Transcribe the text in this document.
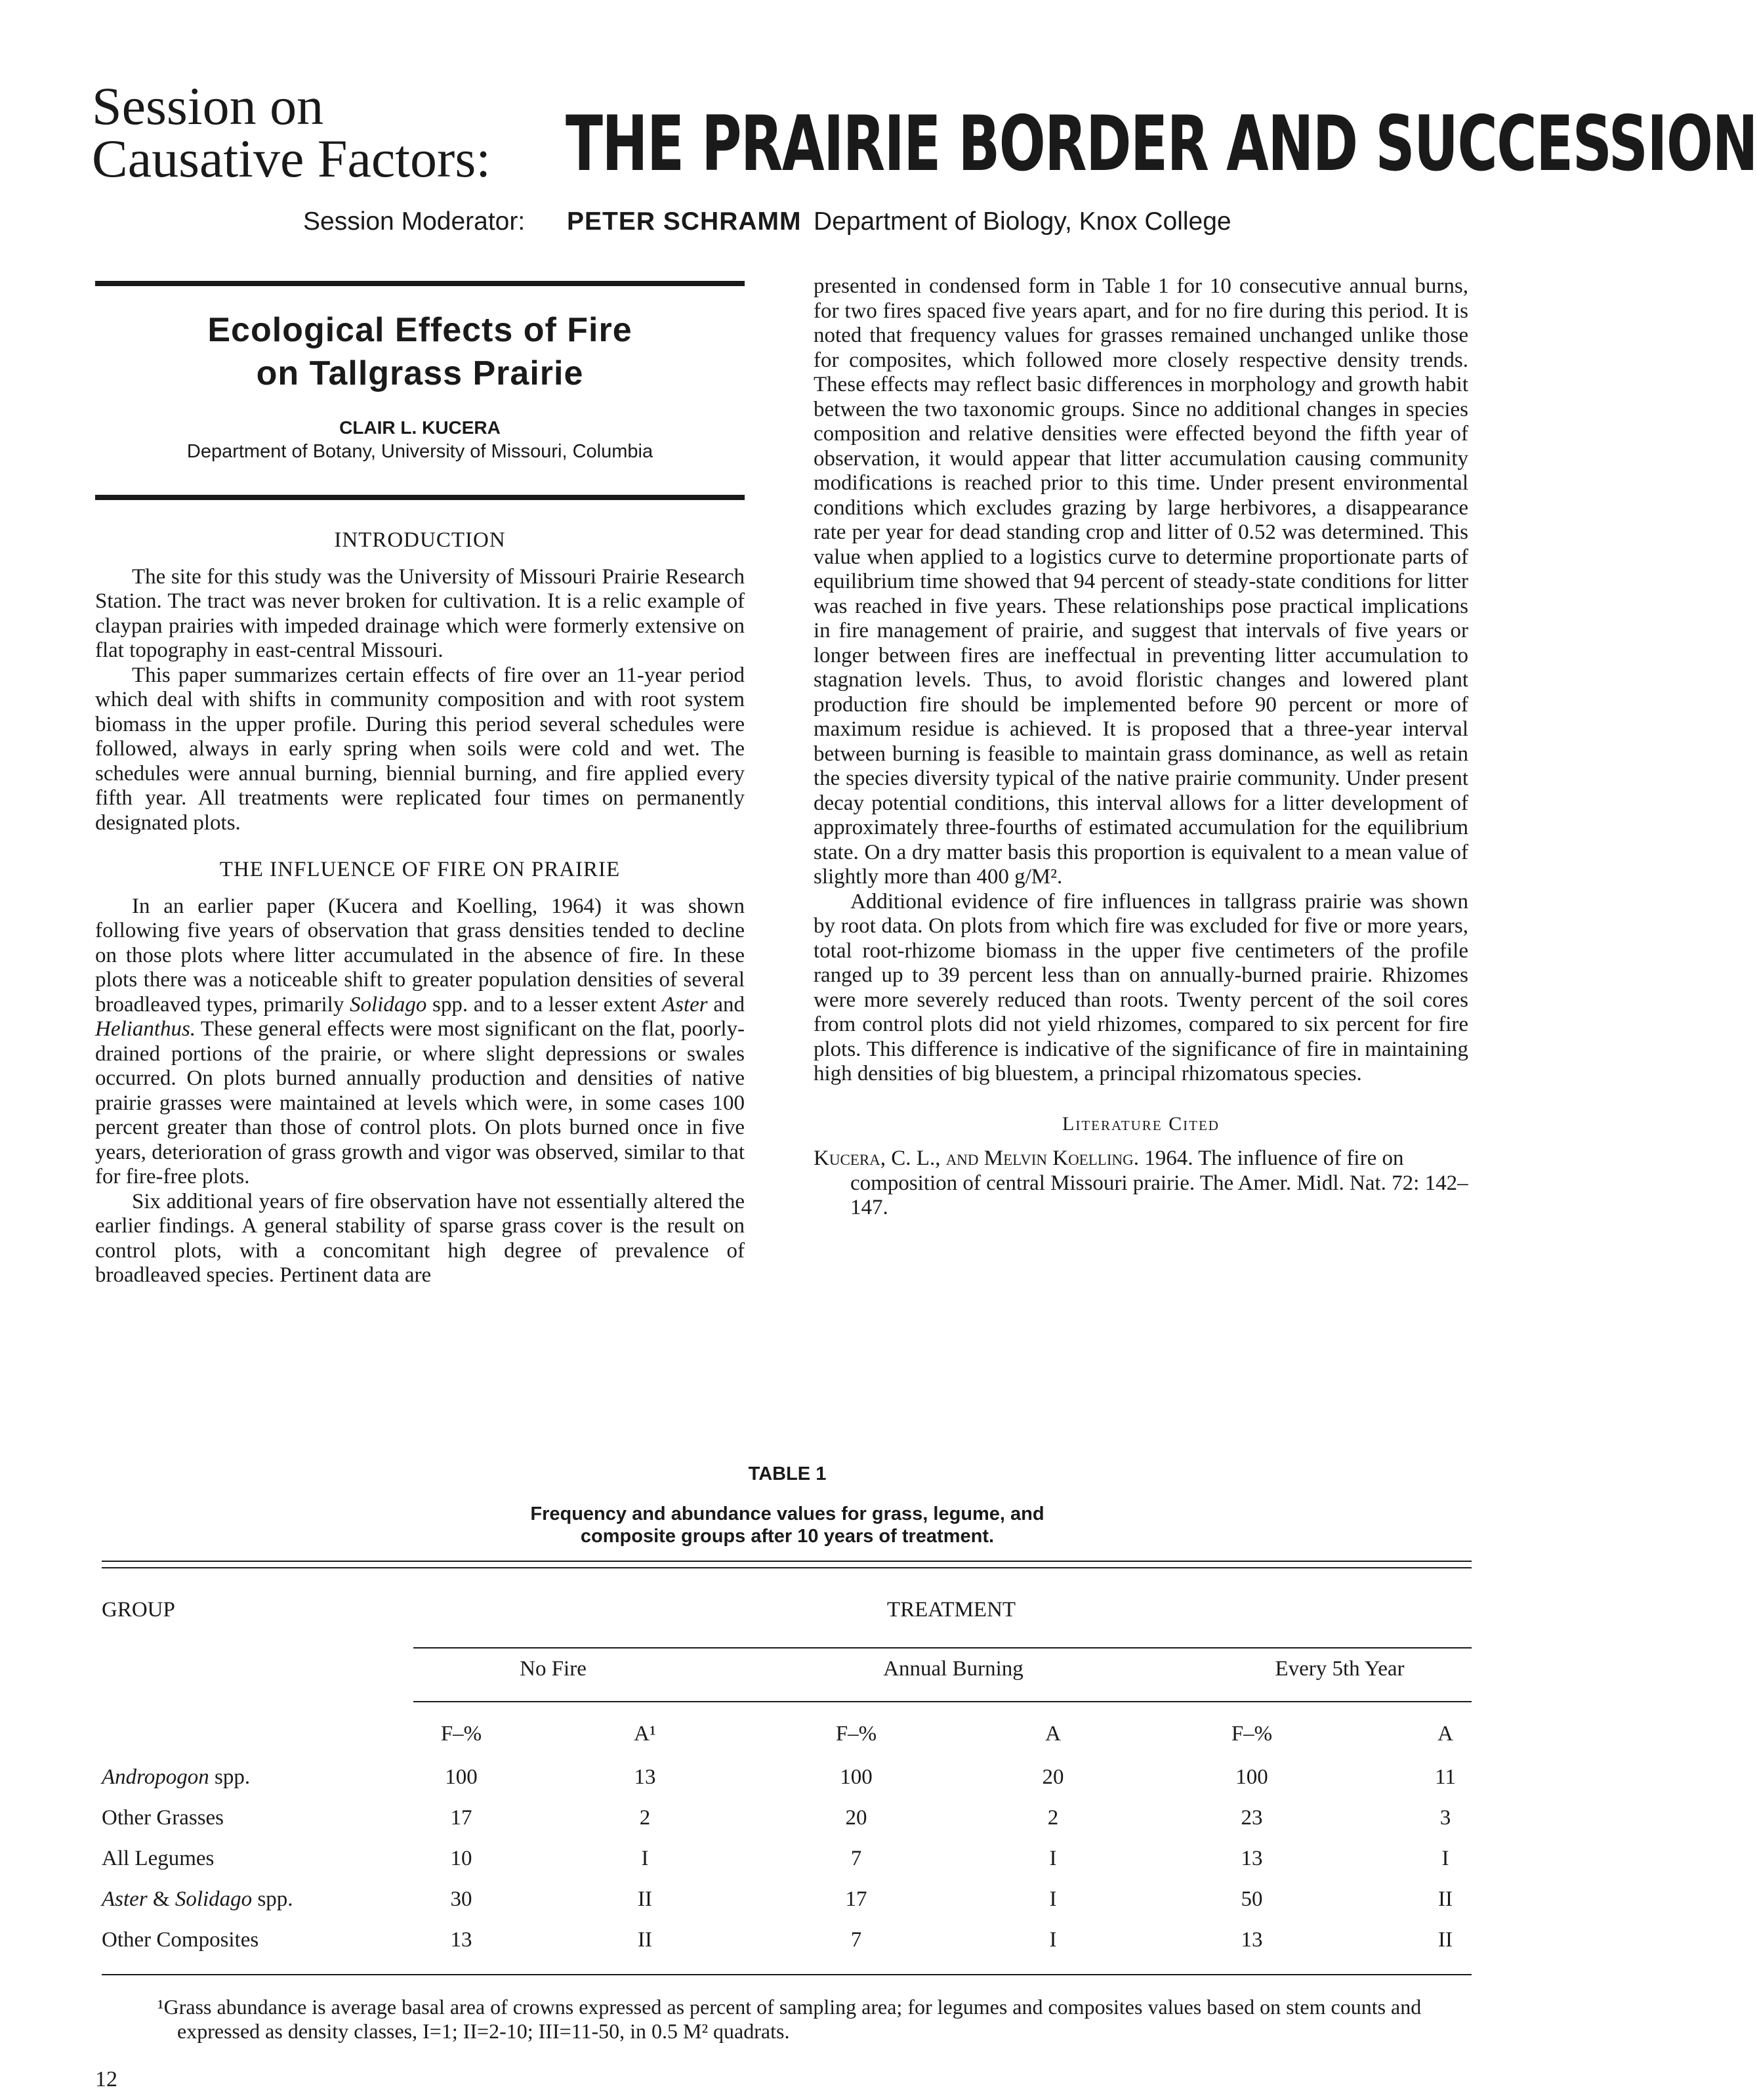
Session on
Causative Factors: THE PRAIRIE BORDER AND SUCCESSION
Session Moderator: PETER SCHRAMM Department of Biology, Knox College
Ecological Effects of Fire
on Tallgrass Prairie
CLAIR L. KUCERA
Department of Botany, University of Missouri, Columbia
INTRODUCTION

The site for this study was the University of Missouri Prairie Research Station. The tract was never broken for cultivation. It is a relic example of claypan prairies with impeded drainage which were formerly extensive on flat topography in east-central Missouri.

This paper summarizes certain effects of fire over an 11-year period which deal with shifts in community composition and with root system biomass in the upper profile. During this period several schedules were followed, always in early spring when soils were cold and wet. The schedules were annual burning, biennial burning, and fire applied every fifth year. All treatments were replicated four times on permanently designated plots.

THE INFLUENCE OF FIRE ON PRAIRIE

In an earlier paper (Kucera and Koelling, 1964) it was shown following five years of observation that grass densities tended to decline on those plots where litter accumulated in the absence of fire. In these plots there was a noticeable shift to greater population densities of several broadleaved types, primarily Solidago spp. and to a lesser extent Aster and Helianthus. These general effects were most significant on the flat, poorly-drained portions of the prairie, or where slight depressions or swales occurred. On plots burned annually production and densities of native prairie grasses were maintained at levels which were, in some cases 100 percent greater than those of control plots. On plots burned once in five years, deterioration of grass growth and vigor was observed, similar to that for fire-free plots.

Six additional years of fire observation have not essentially altered the earlier findings. A general stability of sparse grass cover is the result on control plots, with a concomitant high degree of prevalence of broadleaved species. Pertinent data are

presented in condensed form in Table 1 for 10 consecutive annual burns, for two fires spaced five years apart, and for no fire during this period. It is noted that frequency values for grasses remained unchanged unlike those for composites, which followed more closely respective density trends. These effects may reflect basic differences in morphology and growth habit between the two taxonomic groups. Since no additional changes in species composition and relative densities were effected beyond the fifth year of observation, it would appear that litter accumulation causing community modifications is reached prior to this time. Under present environmental conditions which excludes grazing by large herbivores, a disappearance rate per year for dead standing crop and litter of 0.52 was determined. This value when applied to a logistics curve to determine proportionate parts of equilibrium time showed that 94 percent of steady-state conditions for litter was reached in five years. These relationships pose practical implications in fire management of prairie, and suggest that intervals of five years or longer between fires are ineffectual in preventing litter accumulation to stagnation levels. Thus, to avoid floristic changes and lowered plant production fire should be implemented before 90 percent or more of maximum residue is achieved. It is proposed that a three-year interval between burning is feasible to maintain grass dominance, as well as retain the species diversity typical of the native prairie community. Under present decay potential conditions, this interval allows for a litter development of approximately three-fourths of estimated accumulation for the equilibrium state. On a dry matter basis this proportion is equivalent to a mean value of slightly more than 400 g/M².

Additional evidence of fire influences in tallgrass prairie was shown by root data. On plots from which fire was excluded for five or more years, total root-rhizome biomass in the upper five centimeters of the profile ranged up to 39 percent less than on annually-burned prairie. Rhizomes were more severely reduced than roots. Twenty percent of the soil cores from control plots did not yield rhizomes, compared to six percent for fire plots. This difference is indicative of the significance of fire in maintaining high densities of big bluestem, a principal rhizomatous species.

Literature Cited
Kucera, C. L., and Melvin Koelling. 1964. The influence of fire on composition of central Missouri prairie. The Amer. Midl. Nat. 72: 142–147.
TABLE 1
Frequency and abundance values for grass, legume, and
composite groups after 10 years of treatment.
GROUP	TREATMENT
No Fire	Annual Burning	Every 5th Year
F–%	A¹	F–%	A	F–%	A
Andropogon spp.	100	13	100	20	100	11
Other Grasses	17	2	20	2	23	3
All Legumes	10	I	7	I	13	I
Aster & Solidago spp.	30	II	17	I	50	II
Other Composites	13	II	7	I	13	II
¹Grass abundance is average basal area of crowns expressed as percent of sampling area; for legumes and composites values based on stem counts and expressed as density classes, I=1; II=2-10; III=11-50, in 0.5 M² quadrats.
12
